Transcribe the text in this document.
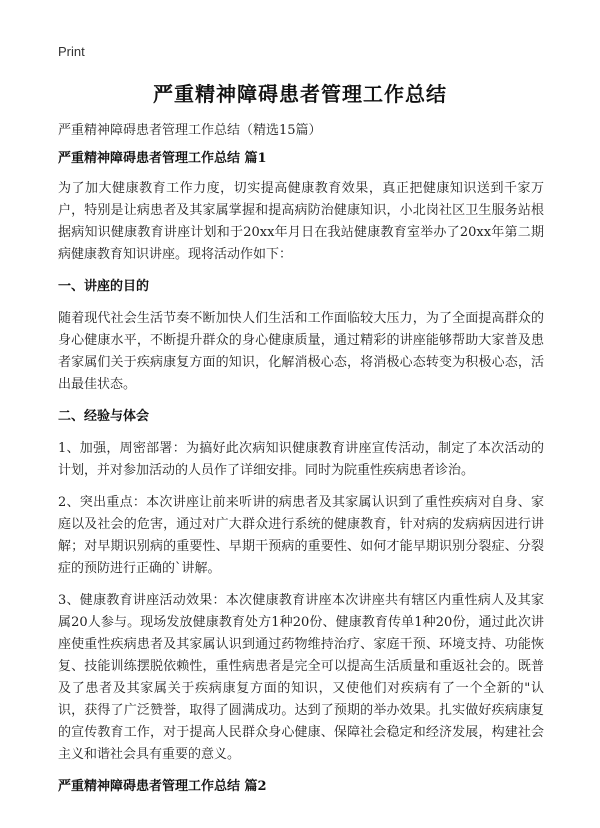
Print
严重精神障碍患者管理工作总结

严重精神障碍患者管理工作总结（精选15篇）

严重精神障碍患者管理工作总结 篇1

为了加大健康教育工作力度，切实提高健康教育效果，真正把健康知识送到千家万户，特别是让病患者及其家属掌握和提高病防治健康知识，小北岗社区卫生服务站根据病知识健康教育讲座计划和于20xx年月日在我站健康教育室举办了20xx年第二期病健康教育知识讲座。现将活动作如下：

一、讲座的目的

随着现代社会生活节奏不断加快人们生活和工作面临较大压力，为了全面提高群众的身心健康水平，不断提升群众的身心健康质量，通过精彩的讲座能够帮助大家普及患者家属们关于疾病康复方面的知识，化解消极心态，将消极心态转变为积极心态，活出最佳状态。

二、经验与体会

1、加强，周密部署：为搞好此次病知识健康教育讲座宣传活动，制定了本次活动的计划，并对参加活动的人员作了详细安排。同时为院重性疾病患者诊治。

2、突出重点：本次讲座让前来听讲的病患者及其家属认识到了重性疾病对自身、家庭以及社会的危害，通过对广大群众进行系统的健康教育，针对病的发病病因进行讲解；对早期识别病的重要性、早期干预病的重要性、如何才能早期识别分裂症、分裂症的预防进行正确的`讲解。

3、健康教育讲座活动效果：本次健康教育讲座本次讲座共有辖区内重性病人及其家属20人参与。现场发放健康教育处方1种20份、健康教育传单1种20份，通过此次讲座使重性疾病患者及其家属认识到通过药物维持治疗、家庭干预、环境支持、功能恢复、技能训练摆脱依赖性，重性病患者是完全可以提高生活质量和重返社会的。既普及了患者及其家属关于疾病康复方面的知识，又使他们对疾病有了一个全新的"认识，获得了广泛赞誉，取得了圆满成功。达到了预期的举办效果。扎实做好疾病康复的宣传教育工作，对于提高人民群众身心健康、保障社会稳定和经济发展，构建社会主义和谐社会具有重要的意义。

严重精神障碍患者管理工作总结 篇2
